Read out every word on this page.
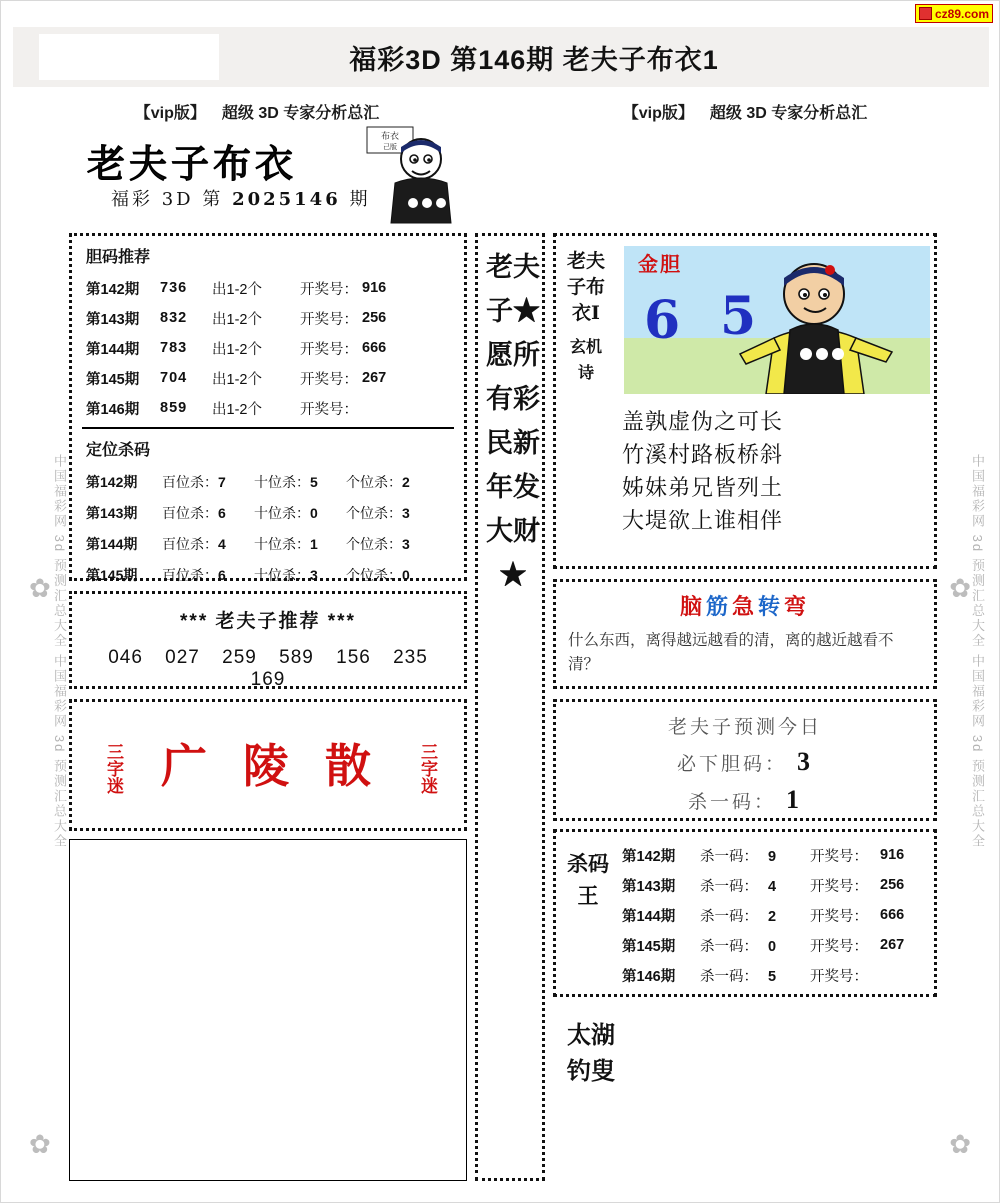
cz89.com
福彩3D 第146期 老夫子布衣1
【vip版】 超级 3D 专家分析总汇	【vip版】 超级 3D 专家分析总汇
中国福彩网 3d 预测汇总大全 中国福彩网 3d 预测汇总大全	中国福彩网 3d 预测汇总大全 中国福彩网 3d 预测汇总大全
老夫子布衣
福彩 3D 第 2025146 期
布衣
己版
胆码推荐
第142期	736	出1-2个	开奖号： 916
第143期	832	出1-2个	开奖号： 256
第144期	783	出1-2个	开奖号： 666
第145期	704	出1-2个	开奖号： 267
第146期	859	出1-2个	开奖号：
定位杀码
第142期	百位杀：7	十位杀：5	个位杀：2
第143期	百位杀：6	十位杀：0	个位杀：3
第144期	百位杀：4	十位杀：1	个位杀：3
第145期	百位杀：6	十位杀：3	个位杀：0
*** 老夫子推荐 ***
046 027 259 589 156 235 169
三字迷 广 陵 散	三字迷
老夫子★愿所有彩民新年发大财★
老夫子布衣Ⅰ
玄机诗
金胆
6 5
盖孰虚伪之可长
竹溪村路板桥斜
姊妹弟兄皆列土
大堤欲上谁相伴
脑筋急转弯
什么东西，离得越远越看的清，离的越近越看不清？
老夫子预测今日
必下胆码： 3
杀一码： 1
杀码王
第142期	杀一码： 9	开奖号： 916
第143期	杀一码： 4	开奖号： 256
第144期	杀一码： 2	开奖号： 666
第145期	杀一码： 0	开奖号： 267
第146期	杀一码： 5	开奖号：
太湖钓叟
✿	✿
✿	✿
